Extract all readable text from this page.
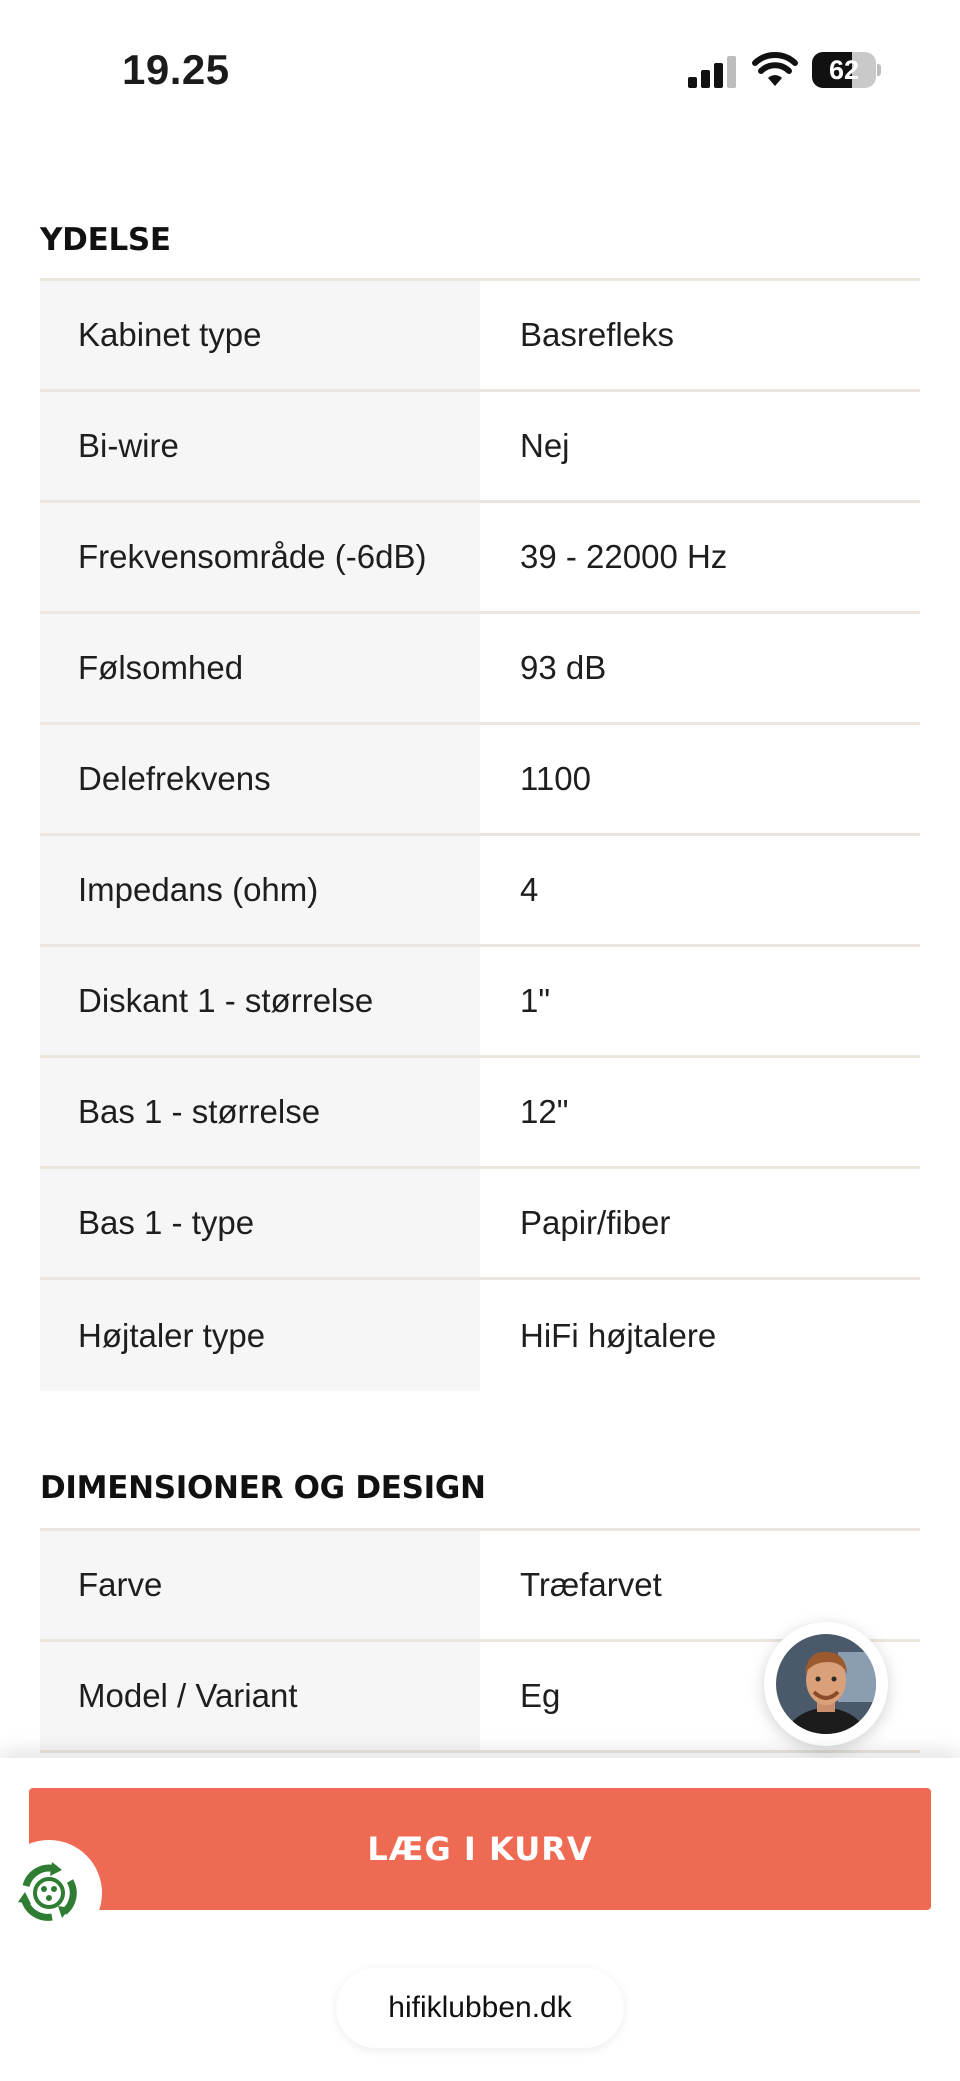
19.25	62
YDELSE
Kabinet type	Basrefleks
Bi-wire	Nej
Frekvensområde (-6dB)	39 - 22000 Hz
Følsomhed	93 dB
Delefrekvens	1100
Impedans (ohm)	4
Diskant 1 - størrelse	1"
Bas 1 - størrelse	12"
Bas 1 - type	Papir/fiber
Højtaler type	HiFi højtalere
DIMENSIONER OG DESIGN
Farve	Træfarvet
Model / Variant	Eg
LÆG I KURV
hifiklubben.dk
